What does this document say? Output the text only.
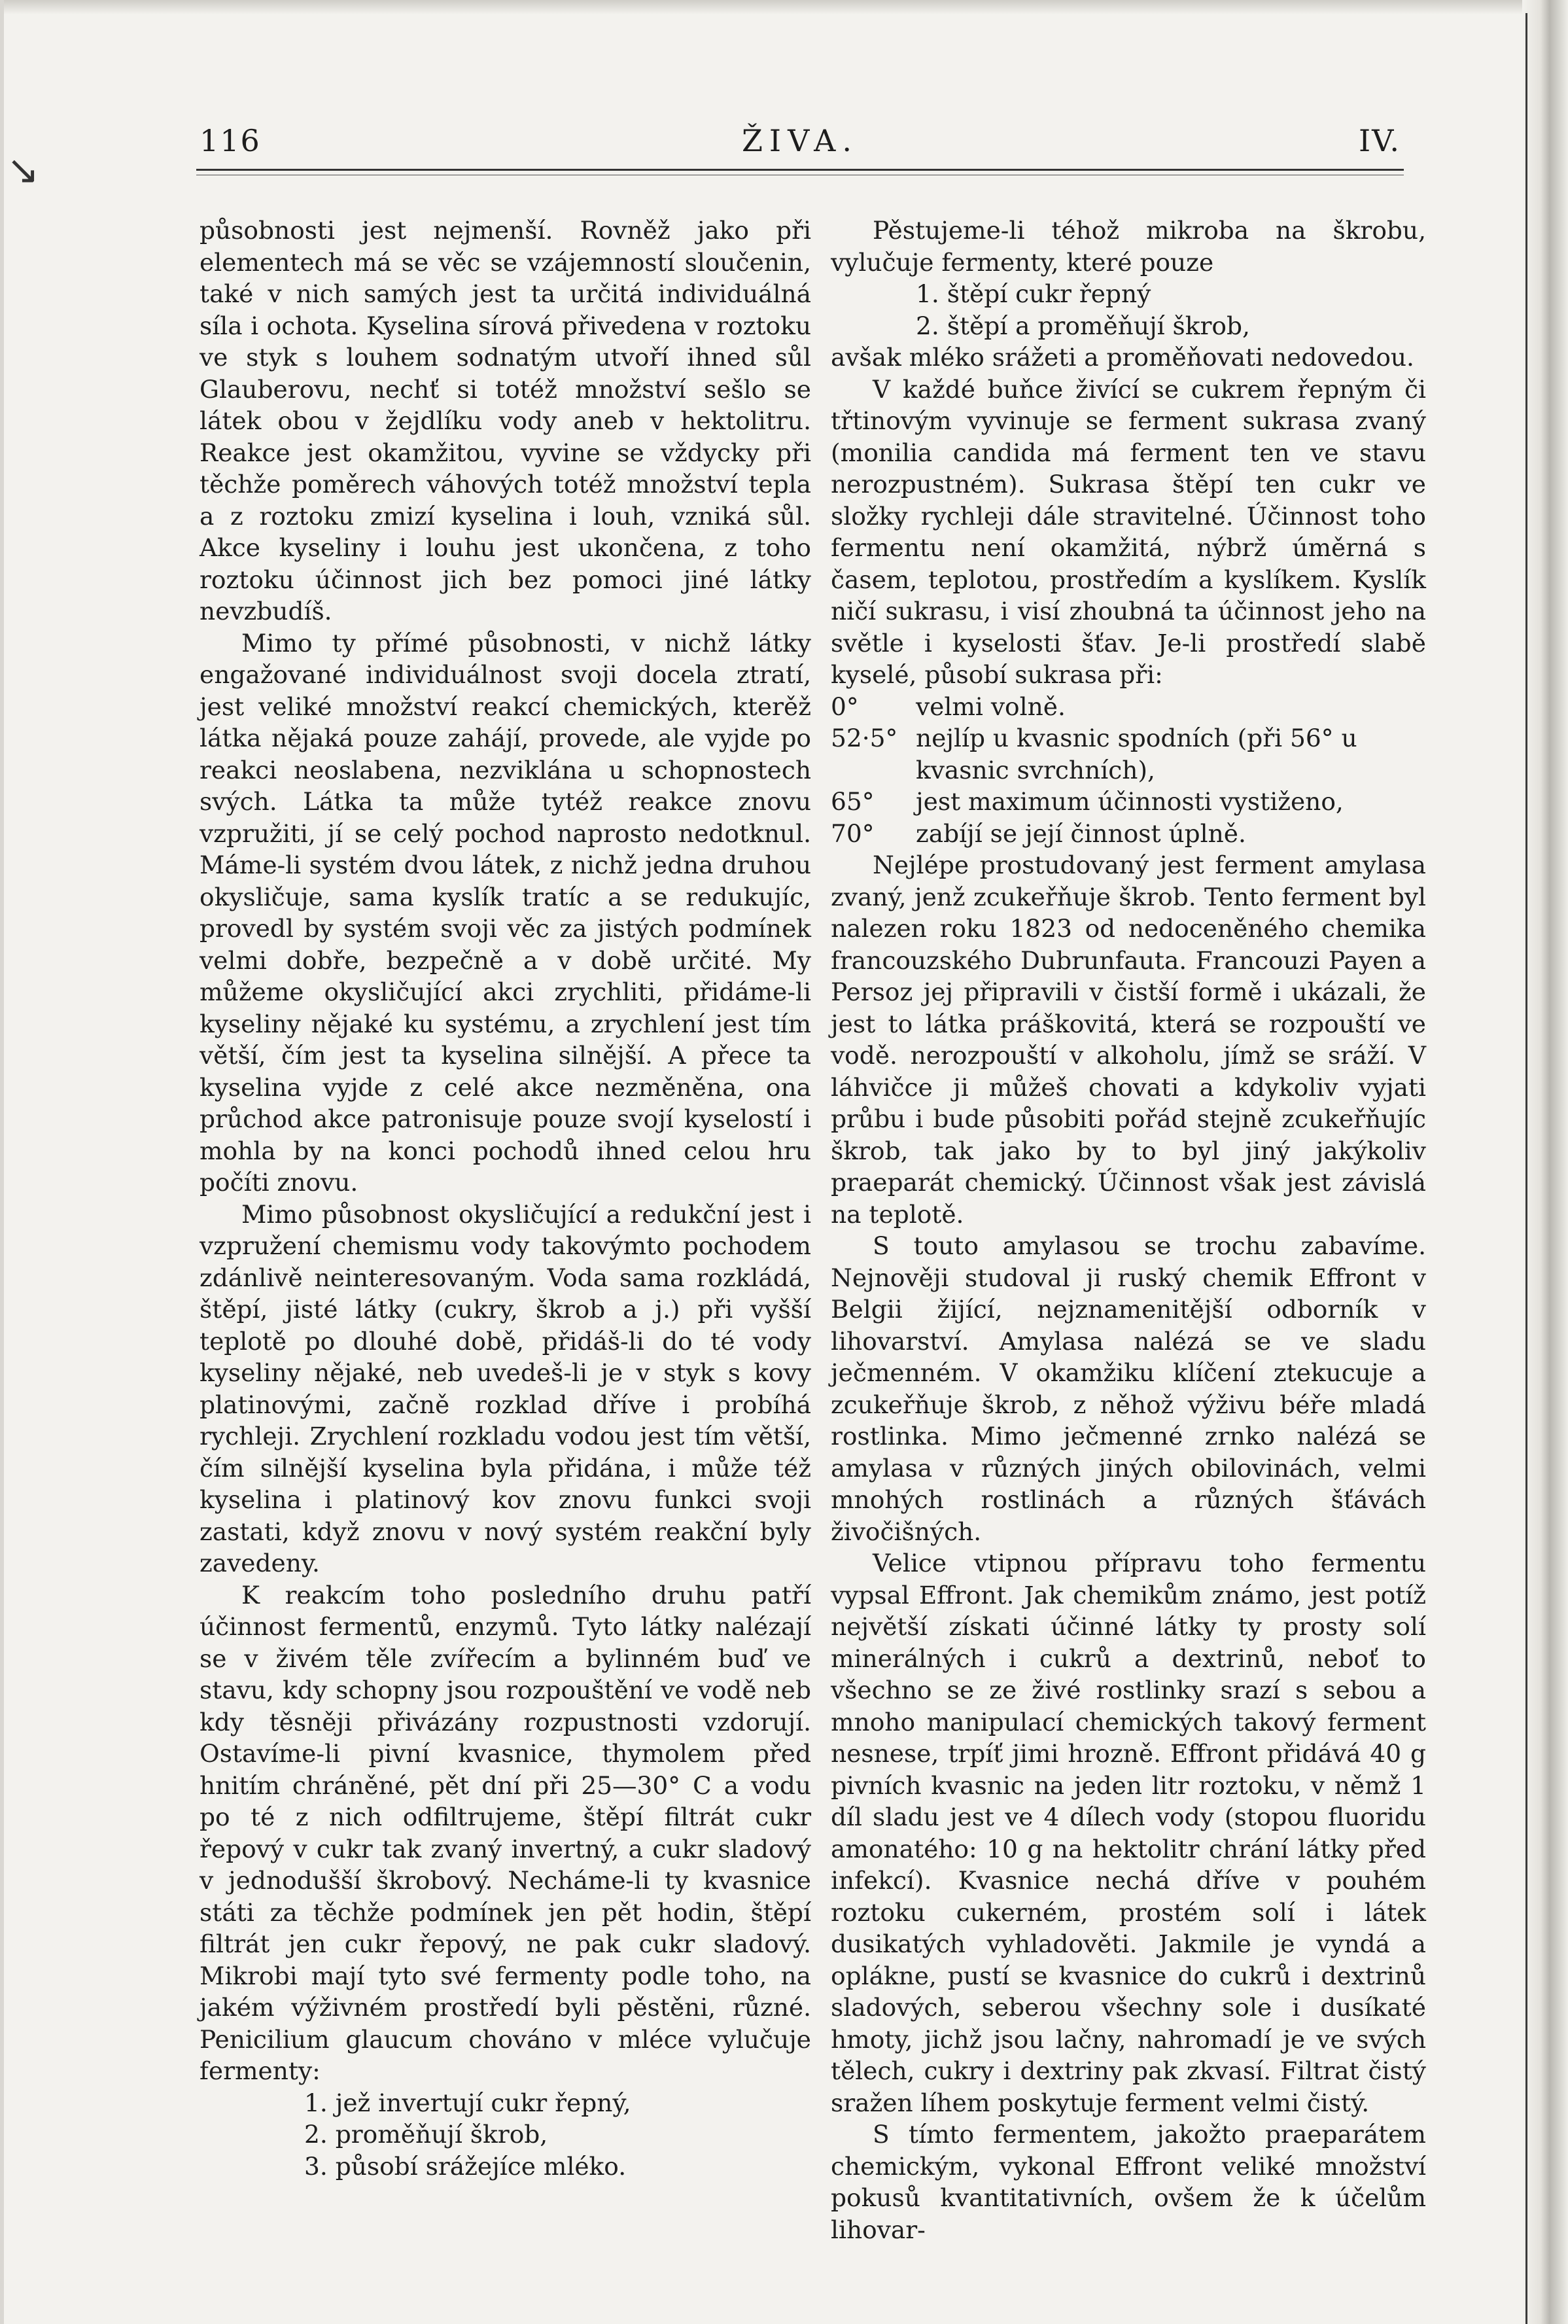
↘
ŽIVA.
116	IV.

působnosti jest nejmenší. Rovněž jako při elementech má se věc se vzájemností sloučenin, také v nich samých jest ta určitá individuálná síla i ochota. Kyselina sírová přivedena v roztoku ve styk s louhem sodnatým utvoří ihned sůl Glauberovu, nechť si totéž množství sešlo se látek obou v žejdlíku vody aneb v hektolitru. Reakce jest okamžitou, vyvine se vždycky při těchže poměrech váhových totéž množství tepla a z roztoku zmizí kyselina i louh, vzniká sůl. Akce kyseliny i louhu jest ukončena, z toho roztoku účinnost jich bez pomoci jiné látky nevzbudíš.

Mimo ty přímé působnosti, v nichž látky engažované individuálnost svoji docela ztratí, jest veliké množství reakcí chemických, kterěž látka nějaká pouze zahájí, provede, ale vyjde po reakci neoslabena, nezviklána u schopnostech svých. Látka ta může tytéž reakce znovu vzpružiti, jí se celý pochod naprosto nedotknul. Máme-li systém dvou látek, z nichž jedna druhou okysličuje, sama kyslík tratíc a se redukujíc, provedl by systém svoji věc za jistých podmínek velmi dobře, bezpečně a v době určité. My můžeme okysličující akci zrychliti, přidáme-li kyseliny nějaké ku systému, a zrychlení jest tím větší, čím jest ta kyselina silnější. A přece ta kyselina vyjde z celé akce nezměněna, ona průchod akce patronisuje pouze svojí kyselostí i mohla by na konci pochodů ihned celou hru počíti znovu.

Mimo působnost okysličující a redukční jest i vzpružení chemismu vody takovýmto pochodem zdánlivě neinteresovaným. Voda sama rozkládá, štěpí, jisté látky (cukry, škrob a j.) při vyšší teplotě po dlouhé době, přidáš-li do té vody kyseliny nějaké, neb uvedeš-li je v styk s kovy platinovými, začně rozklad dříve i probíhá rychleji. Zrychlení rozkladu vodou jest tím větší, čím silnější kyselina byla přidána, i může též kyselina i platinový kov znovu funkci svoji zastati, když znovu v nový systém reakční byly zavedeny.

K reakcím toho posledního druhu patří účinnost fermentů, enzymů. Tyto látky nalézají se v živém těle zvířecím a bylinném buď ve stavu, kdy schopny jsou rozpouštění ve vodě neb kdy těsněji přivázány rozpustnosti vzdorují. Ostavíme-li pivní kvasnice, thymolem před hnitím chráněné, pět dní při 25—30° C a vodu po té z nich odfiltrujeme, štěpí filtrát cukr řepový v cukr tak zvaný invertný, a cukr sladový v jednodušší škrobový. Necháme-li ty kvasnice státi za těchže podmínek jen pět hodin, štěpí filtrát jen cukr řepový, ne pak cukr sladový. Mikrobi mají tyto své fermenty podle toho, na jakém výživném prostředí byli pěstěni, různé. Penicilium glaucum chováno v mléce vylučuje fermenty:

1. jež invertují cukr řepný,

2. proměňují škrob,

3. působí srážejíce mléko.

Pěstujeme-li téhož mikroba na škrobu, vylučuje fermenty, které pouze

1. štěpí cukr řepný

2. štěpí a proměňují škrob,

avšak mléko srážeti a proměňovati nedovedou.

V každé buňce živící se cukrem řepným či třtinovým vyvinuje se ferment sukrasa zvaný (monilia candida má ferment ten ve stavu nerozpustném). Sukrasa štěpí ten cukr ve složky rychleji dále stravitelné. Účinnost toho fermentu není okamžitá, nýbrž úměrná s časem, teplotou, prostředím a kyslíkem. Kyslík ničí sukrasu, i visí zhoubná ta účinnost jeho na světle i kyselosti šťav. Je-li prostředí slabě kyselé, působí sukrasa při:

0° velmi volně.

52·5° nejlíp u kvasnic spodních (při 56° u kvasnic svrchních),

65° jest maximum účinnosti vystiženo,

70° zabíjí se její činnost úplně.

Nejlépe prostudovaný jest ferment amylasa zvaný, jenž zcukeřňuje škrob. Tento ferment byl nalezen roku 1823 od nedoceněného chemika francouzského Dubrunfauta. Francouzi Payen a Persoz jej připravili v čistší formě i ukázali, že jest to látka práškovitá, která se rozpouští ve vodě. nerozpouští v alkoholu, jímž se sráží. V láhvičce ji můžeš chovati a kdykoliv vyjati průbu i bude působiti pořád stejně zcukeřňujíc škrob, tak jako by to byl jiný jakýkoliv praeparát chemický. Účinnost však jest závislá na teplotě.

S touto amylasou se trochu zabavíme. Nejnověji studoval ji ruský chemik Effront v Belgii žijící, nejznamenitější odborník v lihovarství. Amylasa nalézá se ve sladu ječmenném. V okamžiku klíčení ztekucuje a zcukeřňuje škrob, z něhož výživu béře mladá rostlinka. Mimo ječmenné zrnko nalézá se amylasa v různých jiných obilovinách, velmi mnohých rostlinách a různých šťávách živočišných.

Velice vtipnou přípravu toho fermentu vypsal Effront. Jak chemikům známo, jest potíž největší získati účinné látky ty prosty solí minerálných i cukrů a dextrinů, neboť to všechno se ze živé rostlinky srazí s sebou a mnoho manipulací chemických takový ferment nesnese, trpíť jimi hrozně. Effront přidává 40 g pivních kvasnic na jeden litr roztoku, v němž 1 díl sladu jest ve 4 dílech vody (stopou fluoridu amonatého: 10 g na hektolitr chrání látky před infekcí). Kvasnice nechá dříve v pouhém roztoku cukerném, prostém solí i látek dusikatých vyhladověti. Jakmile je vyndá a oplákne, pustí se kvasnice do cukrů i dextrinů sladových, seberou všechny sole i dusíkaté hmoty, jichž jsou lačny, nahromadí je ve svých tělech, cukry i dextriny pak zkvasí. Filtrat čistý sražen líhem poskytuje ferment velmi čistý.

S tímto fermentem, jakožto praeparátem chemickým, vykonal Effront veliké množství pokusů kvantitativních, ovšem že k účelům lihovar-
